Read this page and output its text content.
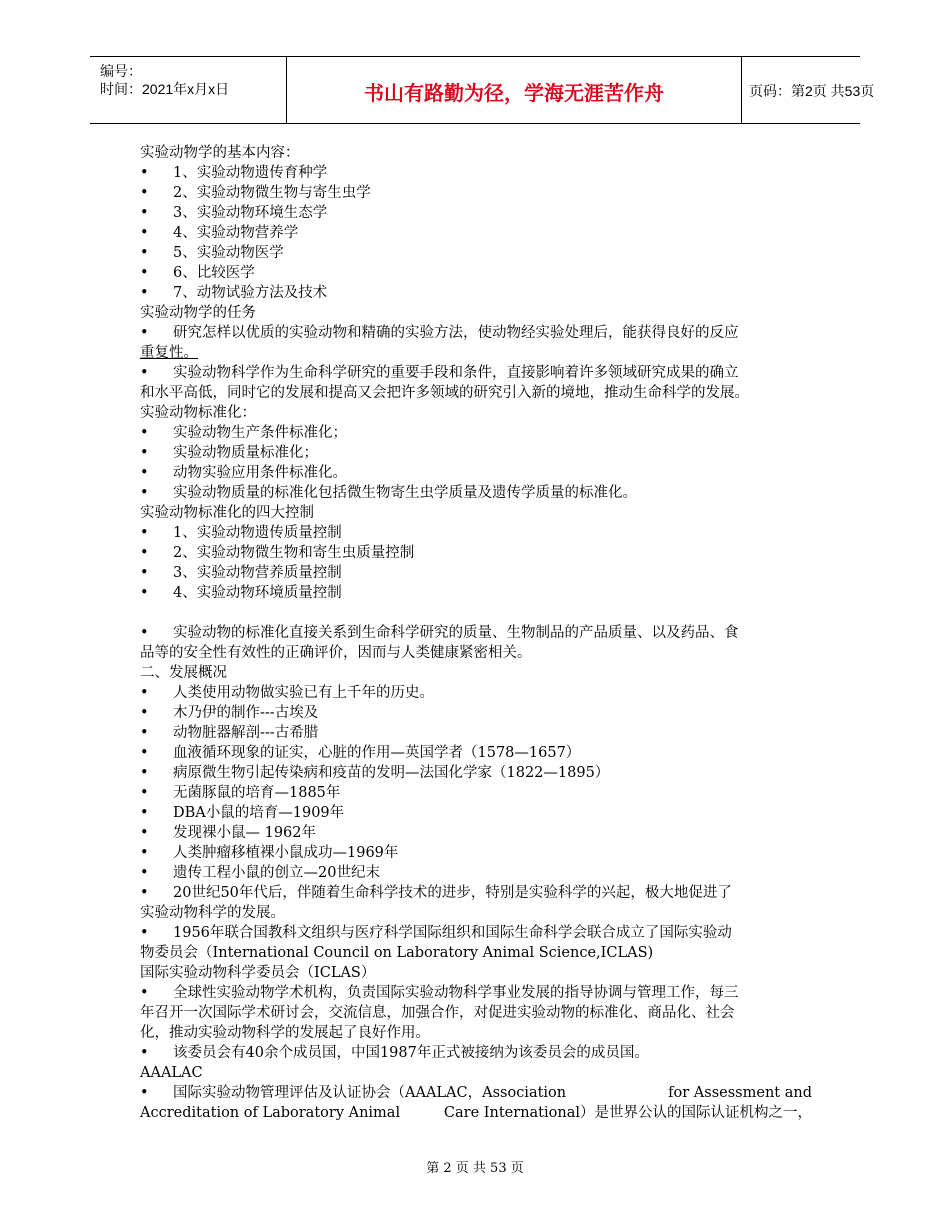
编号：
时间：2021年x月x日	书山有路勤为径，学海无涯苦作舟	页码：第2页 共53页
实验动物学的基本内容：
• 1、实验动物遗传育种学
• 2、实验动物微生物与寄生虫学
• 3、实验动物环境生态学
• 4、实验动物营养学
• 5、实验动物医学
• 6、比较医学
• 7、动物试验方法及技术
实验动物学的任务
• 研究怎样以优质的实验动物和精确的实验方法，使动物经实验处理后，能获得良好的反应
重复性。
• 实验动物科学作为生命科学研究的重要手段和条件，直接影响着许多领域研究成果的确立
和水平高低，同时它的发展和提高又会把许多领域的研究引入新的境地，推动生命科学的发展。
实验动物标准化：
• 实验动物生产条件标准化；
• 实验动物质量标准化；
• 动物实验应用条件标准化。
• 实验动物质量的标准化包括微生物寄生虫学质量及遗传学质量的标准化。
实验动物标准化的四大控制
• 1、实验动物遗传质量控制
• 2、实验动物微生物和寄生虫质量控制
• 3、实验动物营养质量控制
• 4、实验动物环境质量控制
• 实验动物的标准化直接关系到生命科学研究的质量、生物制品的产品质量、以及药品、食
品等的安全性有效性的正确评价，因而与人类健康紧密相关。
二、发展概况
• 人类使用动物做实验已有上千年的历史。
• 木乃伊的制作---古埃及
• 动物脏器解剖---古希腊
• 血液循环现象的证实，心脏的作用—英国学者（1578—1657）
• 病原微生物引起传染病和疫苗的发明—法国化学家（1822—1895）
• 无菌豚鼠的培育—1885年
• DBA小鼠的培育—1909年
• 发现裸小鼠— 1962年
• 人类肿瘤移植裸小鼠成功—1969年
• 遗传工程小鼠的创立—20世纪末
• 20世纪50年代后，伴随着生命科学技术的进步，特别是实验科学的兴起，极大地促进了
实验动物科学的发展。
• 1956年联合国教科文组织与医疗科学国际组织和国际生命科学会联合成立了国际实验动
物委员会（International Council on Laboratory Animal Science,ICLAS)
国际实验动物科学委员会（ICLAS）
• 全球性实验动物学术机构，负责国际实验动物科学事业发展的指导协调与管理工作，每三
年召开一次国际学术研讨会，交流信息，加强合作，对促进实验动物的标准化、商品化、社会
化，推动实验动物科学的发展起了良好作用。
• 该委员会有40余个成员国，中国1987年正式被接纳为该委员会的成员国。
AAALAC
• 国际实验动物管理评估及认证协会（AAALAC，Association	for Assessment and
Accreditation of Laboratory Animal	Care International）是世界公认的国际认证机构之一，
第 2 页 共 53 页
